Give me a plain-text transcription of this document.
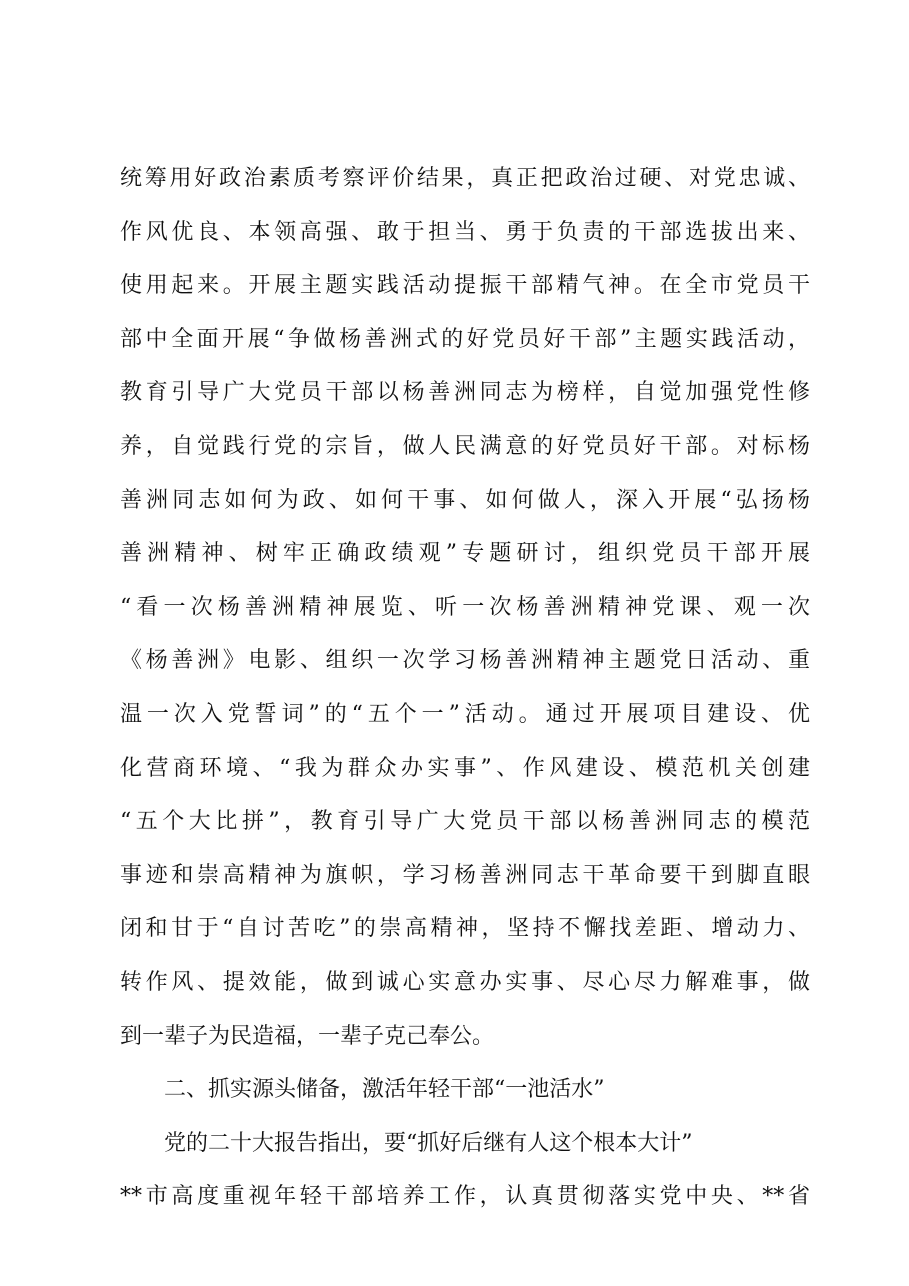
统筹用好政治素质考察评价结果，真正把政治过硬、对党忠诚、
作风优良、本领高强、敢于担当、勇于负责的干部选拔出来、
使用起来。开展主题实践活动提振干部精气神。在全市党员干
部中全面开展“争做杨善洲式的好党员好干部”主题实践活动，
教育引导广大党员干部以杨善洲同志为榜样，自觉加强党性修
养，自觉践行党的宗旨，做人民满意的好党员好干部。对标杨
善洲同志如何为政、如何干事、如何做人，深入开展“弘扬杨
善洲精神、树牢正确政绩观”专题研讨，组织党员干部开展
“看一次杨善洲精神展览、听一次杨善洲精神党课、观一次
《杨善洲》电影、组织一次学习杨善洲精神主题党日活动、重
温一次入党誓词”的“五个一”活动。通过开展项目建设、优
化营商环境、“我为群众办实事”、作风建设、模范机关创建
“五个大比拼”，教育引导广大党员干部以杨善洲同志的模范
事迹和崇高精神为旗帜，学习杨善洲同志干革命要干到脚直眼
闭和甘于“自讨苦吃”的崇高精神，坚持不懈找差距、增动力、
转作风、提效能，做到诚心实意办实事、尽心尽力解难事，做
到一辈子为民造福，一辈子克己奉公。
二、抓实源头储备，激活年轻干部“一池活水”
党的二十大报告指出，要“抓好后继有人这个根本大计”
**市高度重视年轻干部培养工作，认真贯彻落实党中央、**省
